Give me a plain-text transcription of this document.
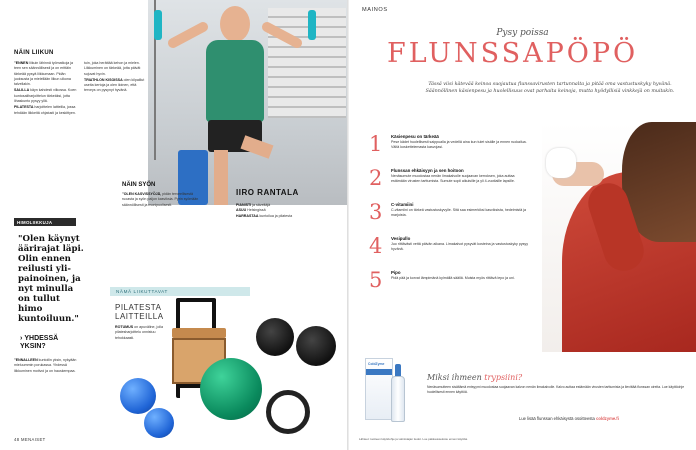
NÄIN LIIKUN

"ENNEN liikuin lähinnä työmatkoja ja teen sen säännöllisesti ja on erittäin tärkeää pysyä liikkumaan. Pidän juoksusta ja mielellään liikun ulkona talvellakin.

SALILLA käyn kahdesti viikossa. Koen kuntosaliharjoittelun tärkeäksi, jotta lihaskunto pysyy yllä.

PILATESTA harjoittelen laitteilla, jossa tehdään liikkeitä ohjatusti ja keskittyen.

tuin, joka herättää kehon ja mielen. Liikkuminen on tärkeää, jotta päivät sujuvat hyvin.

TRIATHLON KISOISSA olen kilpaillut useita kertoja ja olen iloinen, että terveys on pysynyt hyvänä.

HIMOLIIKKUJA
"Olen käynyt äärirajat läpi. Olin ennen reilusti yli-painoinen, ja nyt minulla on tullut himo kuntoiluun."
› YHDESSÄ YKSIN?

"ENNALLEEN kuntoilin yksin, nykyään mieluummin porukassa. Yhdessä liikkuminen motivoi ja on hauskempaa.

NÄIN SYÖN

"OLEN KASVISSYÖJÄ, pidän terveellisestä ruoasta ja syön paljon kasviksia. Pyrin syömään säännöllisesti ja monipuolisesti.

IIRO RANTALA

PIANISTI ja säveltäjä

ASUU Helsingissä

HARRASTAA kuntoilua ja pilatesta

NÄMÄ LIIKUTTAVAT
PILATESTA
LAITTEILLA

ROTUMUS on apuväline, jolla pilatesharjoittelu onnistuu tehokkaasti.

48 MENAISET
MAINOS
Pysy poissa
FLUNSSAPÖPÖ
Tässä viisi kätevää keinoa suojautua flunssavirusten tartunnalta ja pitää oma vastustuskyky hyvänä. Säännöllinen käsienpesu ja huolellisuus ovat parhaita keinoja, mutta hyödyllisiä vinkkejä on muitakin.
1 Käsienpesu on tärkeää
Pese kädet huolellisesti saippualla ja vedellä aina kun tulet sisälle ja ennen ruokailua. Vältä koskettelemasta kasvojasi.
2 Flunssan ehkäisyyn ja sen hoitoon
Nenäsumute muodostaa nenän limakalvolle suojaavan kerroksen, joka auttaa estämään virusten tarttumista. Sumute sopii aikuisille ja yli 4-vuotiaille lapsille.
3 C-vitamiini
C-vitamiini on tärkeä vastustuskyvylle. Sitä saa esimerkiksi kasviksista, hedelmistä ja marjoista.
4 Vesipullo
Juo riittävästi vettä päivän aikana. Limakalvot pysyvät kosteina ja vastustuskyky pysyy hyvänä.
5 Pipo
Pidä pää ja korvat lämpimänä kylmällä säällä. Muista myös riittävä lepo ja uni.
ColdZyme
Miksi ihmeen trypsiini?
Nenäsumutteen sisältämä entsyymi muodostaa suojaavan kalvon nenän limakalvolle. Kalvo auttaa estämään virusten tarttumista ja lievittää flunssan oireita. Lue käyttöohje huolellisesti ennen käyttöä.
Lue lisää flunssan ehkäisystä osoitteesta coldzyme.fi
Lähteet: tuotteen käyttöohje ja valmistajan tiedot. Lue pakkausseloste ennen käyttöä.
